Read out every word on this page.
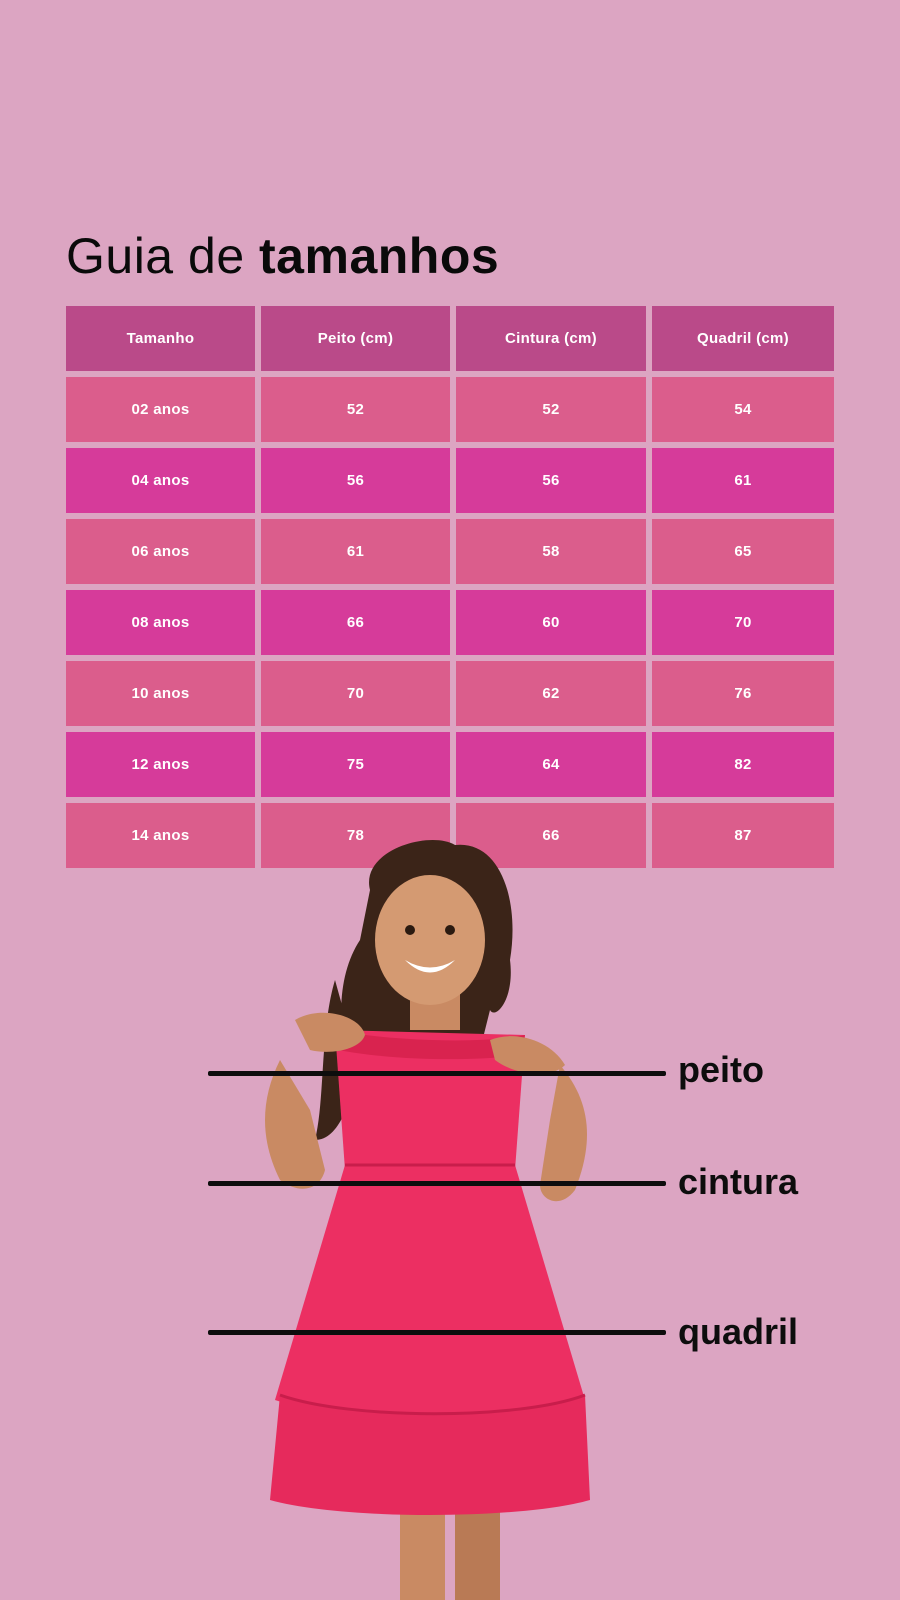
Guia de tamanhos
Tamanho	Peito (cm)	Cintura (cm)	Quadril (cm)
02 anos	52	52	54
04 anos	56	56	61
06 anos	61	58	65
08 anos	66	60	70
10 anos	70	62	76
12 anos	75	64	82
14 anos	78	66	87
peito
cintura
quadril
